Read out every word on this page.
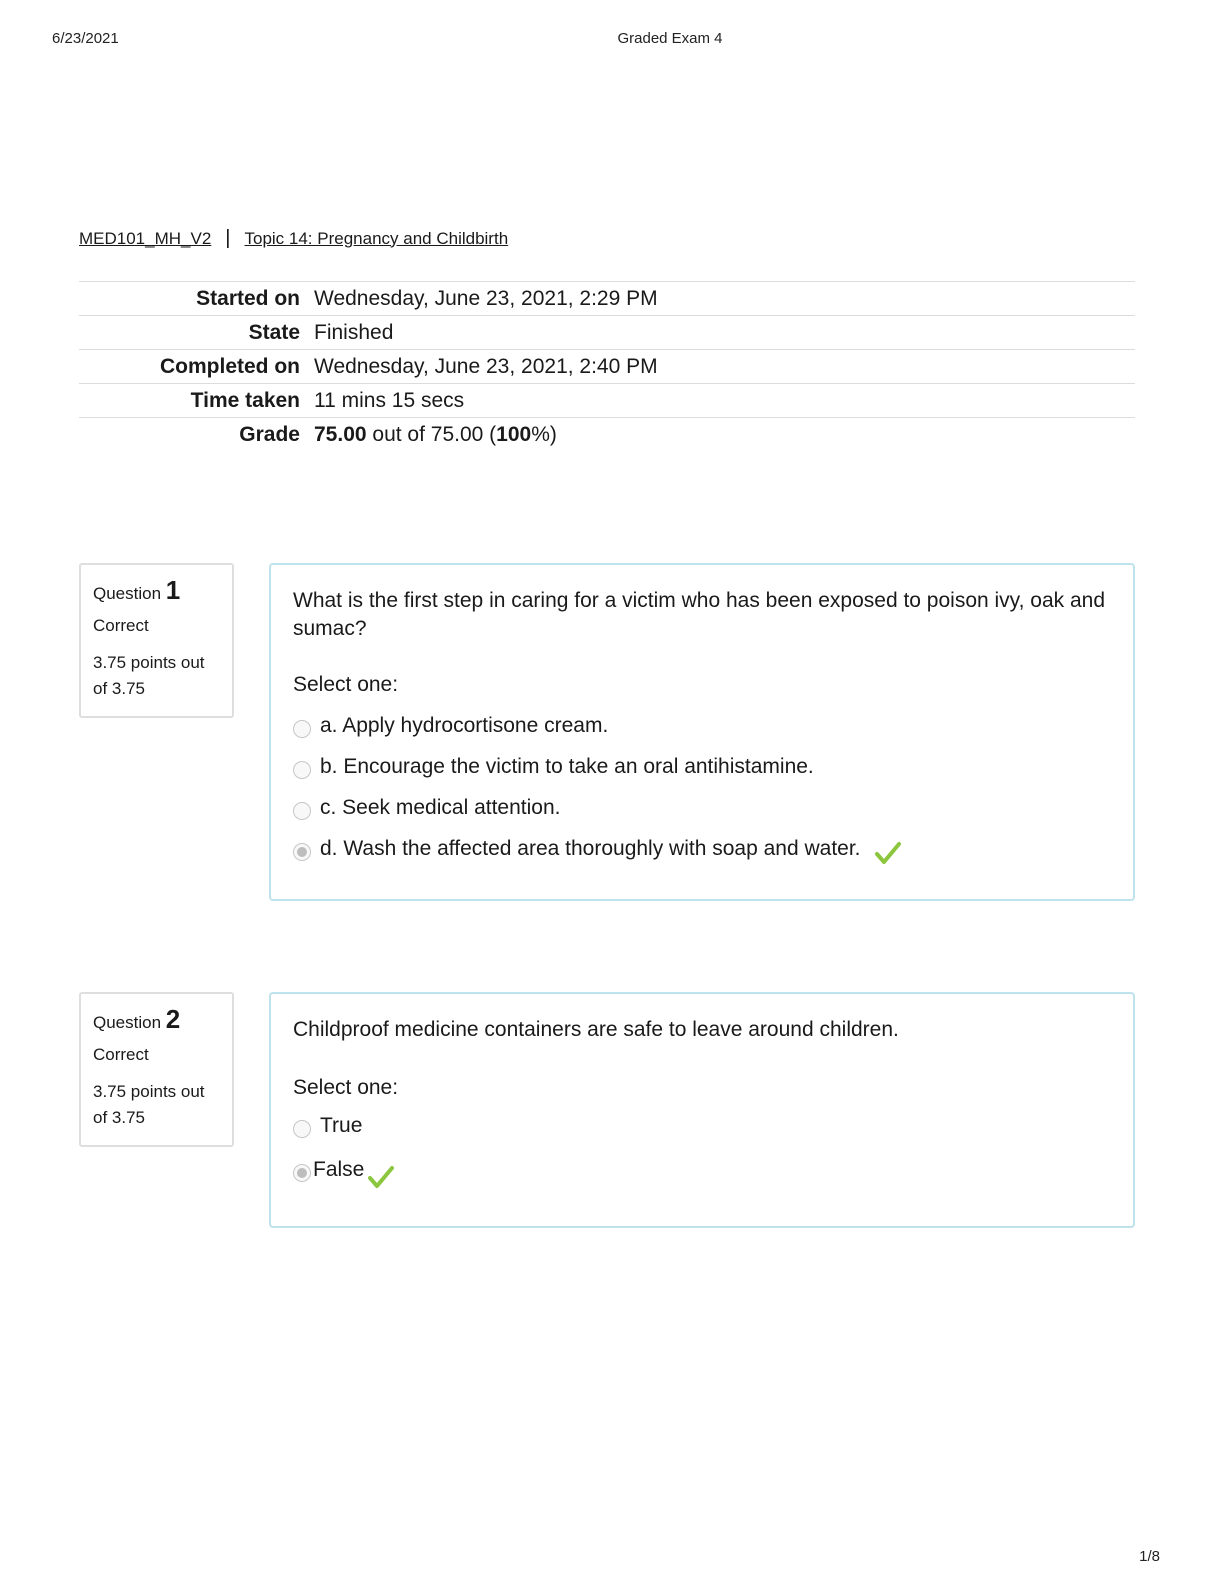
6/23/2021	Graded Exam 4
MED101_MH_V2 | Topic 14: Pregnancy and Childbirth
Started on	Wednesday, June 23, 2021, 2:29 PM
State	Finished
Completed on	Wednesday, June 23, 2021, 2:40 PM
Time taken	11 mins 15 secs
Grade	75.00 out of 75.00 (100%)
Question 1
Correct
3.75 points out of 3.75
What is the first step in caring for a victim who has been exposed to poison ivy, oak and sumac?
Select one:
a. Apply hydrocortisone cream.
b. Encourage the victim to take an oral antihistamine.
c. Seek medical attention.
d. Wash the affected area thoroughly with soap and water.
Question 2
Correct
3.75 points out of 3.75
Childproof medicine containers are safe to leave around children.
Select one:
True
False
1/8
